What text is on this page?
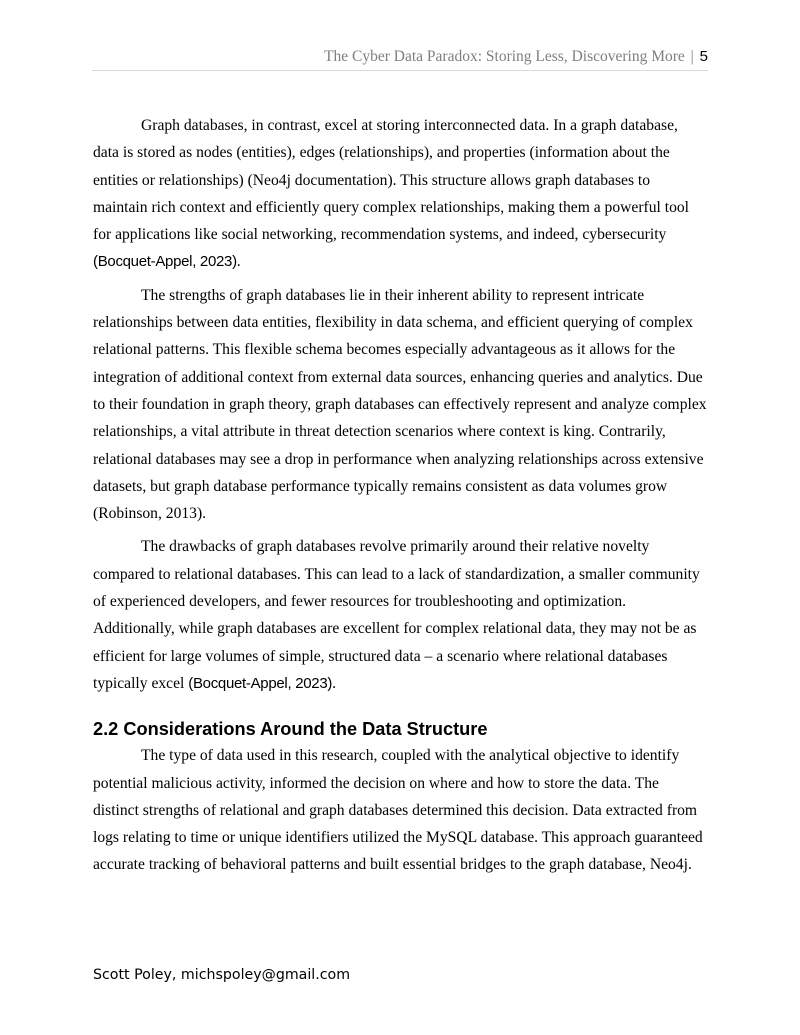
The Cyber Data Paradox: Storing Less, Discovering More | 5

Graph databases, in contrast, excel at storing interconnected data. In a graph database, data is stored as nodes (entities), edges (relationships), and properties (information about the entities or relationships) (Neo4j documentation). This structure allows graph databases to maintain rich context and efficiently query complex relationships, making them a powerful tool for applications like social networking, recommendation systems, and indeed, cybersecurity (Bocquet-Appel, 2023).

The strengths of graph databases lie in their inherent ability to represent intricate relationships between data entities, flexibility in data schema, and efficient querying of complex relational patterns. This flexible schema becomes especially advantageous as it allows for the integration of additional context from external data sources, enhancing queries and analytics. Due to their foundation in graph theory, graph databases can effectively represent and analyze complex relationships, a vital attribute in threat detection scenarios where context is king. Contrarily, relational databases may see a drop in performance when analyzing relationships across extensive datasets, but graph database performance typically remains consistent as data volumes grow (Robinson, 2013).

The drawbacks of graph databases revolve primarily around their relative novelty compared to relational databases. This can lead to a lack of standardization, a smaller community of experienced developers, and fewer resources for troubleshooting and optimization. Additionally, while graph databases are excellent for complex relational data, they may not be as efficient for large volumes of simple, structured data – a scenario where relational databases typically excel (Bocquet-Appel, 2023).

2.2 Considerations Around the Data Structure

The type of data used in this research, coupled with the analytical objective to identify potential malicious activity, informed the decision on where and how to store the data. The distinct strengths of relational and graph databases determined this decision. Data extracted from logs relating to time or unique identifiers utilized the MySQL database. This approach guaranteed accurate tracking of behavioral patterns and built essential bridges to the graph database, Neo4j.

Scott Poley, michspoley@gmail.com
